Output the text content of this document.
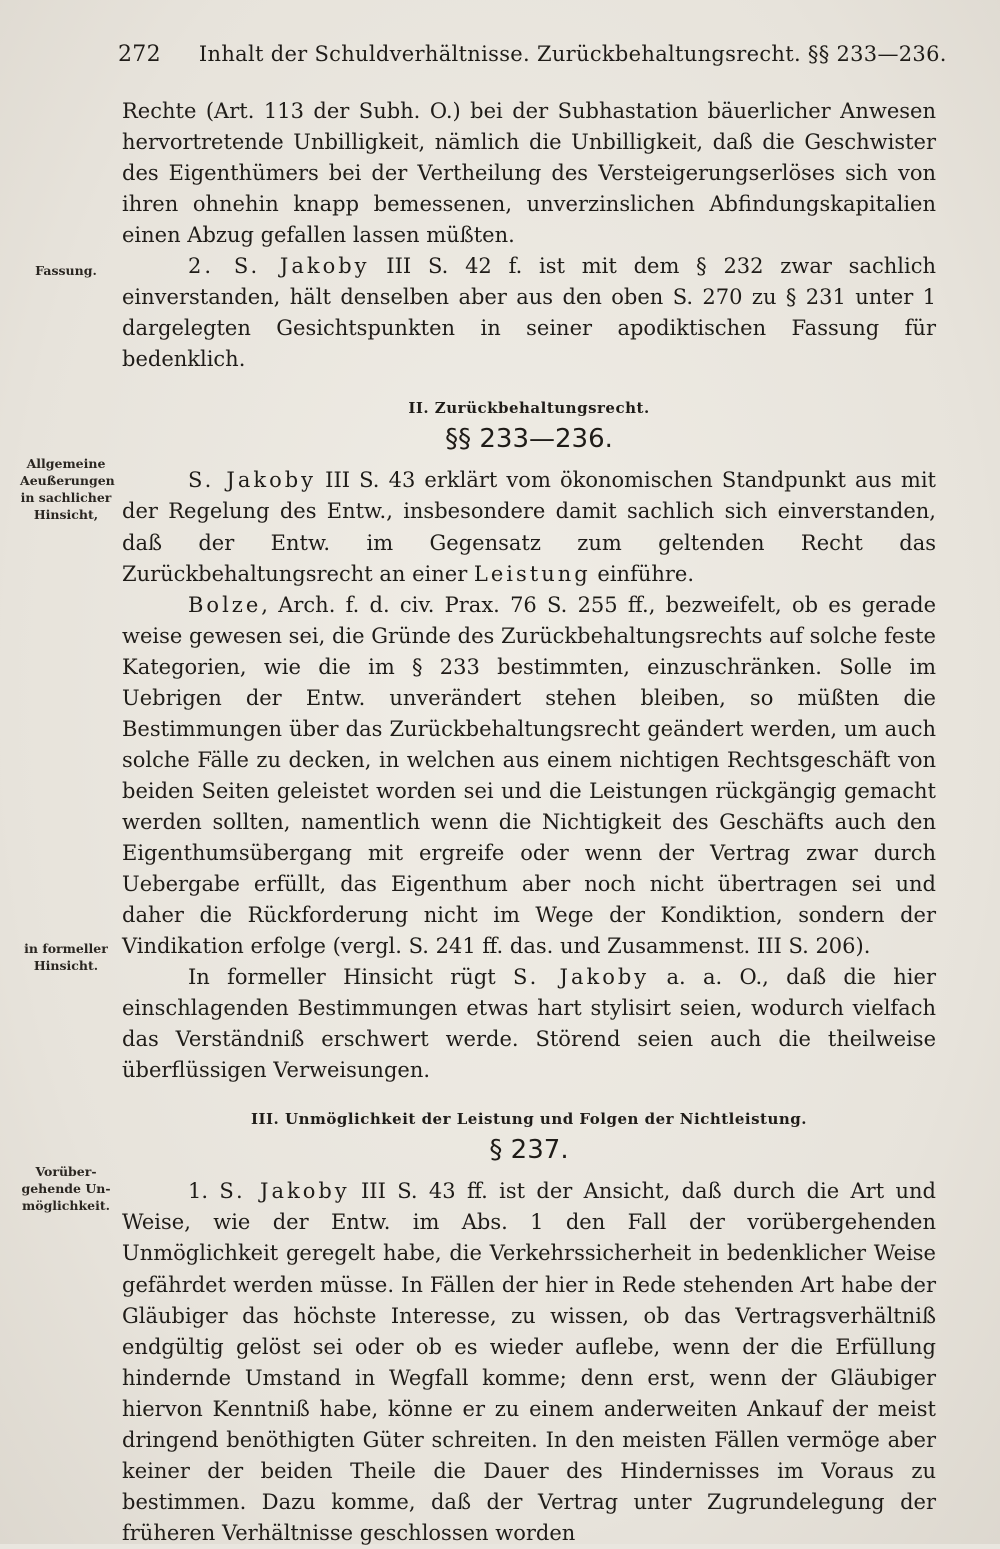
272 Inhalt der Schuldverhältnisse. Zurückbehaltungsrecht. §§ 233—236.
Fassung.
Allgemeine Aeußerungen in sachlicher Hinsicht,
in formeller Hinsicht.
Vorüber-gehende Un-möglichkeit.

Rechte (Art. 113 der Subh. O.) bei der Subhastation bäuerlicher Anwesen hervortretende Unbilligkeit, nämlich die Unbilligkeit, daß die Geschwister des Eigenthümers bei der Vertheilung des Versteigerungserlöses sich von ihren ohnehin knapp bemessenen, unverzinslichen Abfindungskapitalien einen Abzug gefallen lassen müßten.

2. S. Jakoby III S. 42 f. ist mit dem § 232 zwar sachlich einverstanden, hält denselben aber aus den oben S. 270 zu § 231 unter 1 dargelegten Gesichtspunkten in seiner apodiktischen Fassung für bedenklich.

II. Zurückbehaltungsrecht.
§§ 233—236.

S. Jakoby III S. 43 erklärt vom ökonomischen Standpunkt aus mit der Regelung des Entw., insbesondere damit sachlich sich einverstanden, daß der Entw. im Gegensatz zum geltenden Recht das Zurückbehaltungsrecht an einer Leistung einführe.

Bolze, Arch. f. d. civ. Prax. 76 S. 255 ff., bezweifelt, ob es gerade weise gewesen sei, die Gründe des Zurückbehaltungsrechts auf solche feste Kategorien, wie die im § 233 bestimmten, einzuschränken. Solle im Uebrigen der Entw. unverändert stehen bleiben, so müßten die Bestimmungen über das Zurückbehaltungsrecht geändert werden, um auch solche Fälle zu decken, in welchen aus einem nichtigen Rechtsgeschäft von beiden Seiten geleistet worden sei und die Leistungen rückgängig gemacht werden sollten, namentlich wenn die Nichtigkeit des Geschäfts auch den Eigenthumsübergang mit ergreife oder wenn der Vertrag zwar durch Uebergabe erfüllt, das Eigenthum aber noch nicht übertragen sei und daher die Rückforderung nicht im Wege der Kondiktion, sondern der Vindikation erfolge (vergl. S. 241 ff. das. und Zusammenst. III S. 206).

In formeller Hinsicht rügt S. Jakoby a. a. O., daß die hier einschlagenden Bestimmungen etwas hart stylisirt seien, wodurch vielfach das Verständniß erschwert werde. Störend seien auch die theilweise überflüssigen Verweisungen.

III. Unmöglichkeit der Leistung und Folgen der Nichtleistung.
§ 237.

1. S. Jakoby III S. 43 ff. ist der Ansicht, daß durch die Art und Weise, wie der Entw. im Abs. 1 den Fall der vorübergehenden Unmöglichkeit geregelt habe, die Verkehrssicherheit in bedenklicher Weise gefährdet werden müsse. In Fällen der hier in Rede stehenden Art habe der Gläubiger das höchste Interesse, zu wissen, ob das Vertragsverhältniß endgültig gelöst sei oder ob es wieder auflebe, wenn der die Erfüllung hindernde Umstand in Wegfall komme; denn erst, wenn der Gläubiger hiervon Kenntniß habe, könne er zu einem anderweiten Ankauf der meist dringend benöthigten Güter schreiten. In den meisten Fällen vermöge aber keiner der beiden Theile die Dauer des Hindernisses im Voraus zu bestimmen. Dazu komme, daß der Vertrag unter Zugrundelegung der früheren Verhältnisse geschlossen worden
